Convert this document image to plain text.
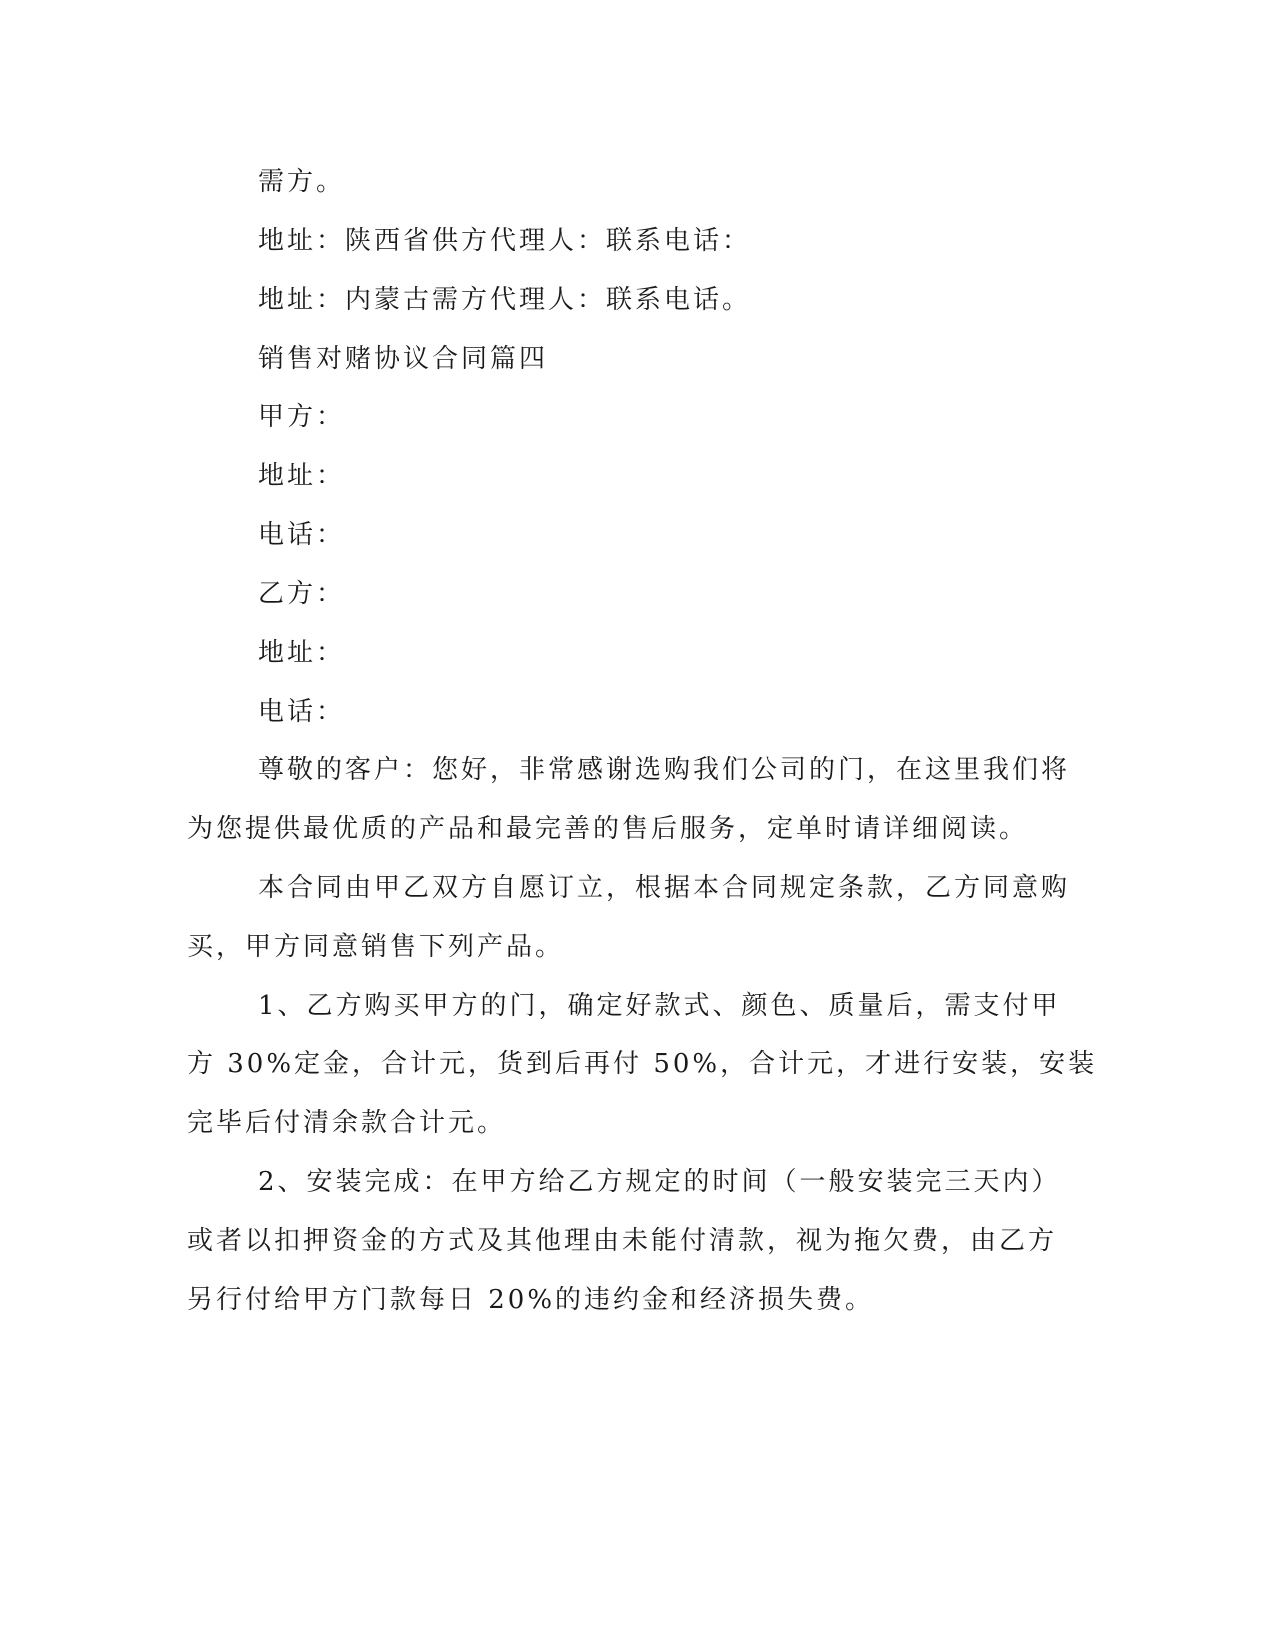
需方。

地址：陕西省供方代理人：联系电话：

地址：内蒙古需方代理人：联系电话。

销售对赌协议合同篇四

甲方：

地址：

电话：

乙方：

地址：

电话：

尊敬的客户：您好，非常感谢选购我们公司的门，在这里我们将

为您提供最优质的产品和最完善的售后服务，定单时请详细阅读。

本合同由甲乙双方自愿订立，根据本合同规定条款，乙方同意购

买，甲方同意销售下列产品。

1、乙方购买甲方的门，确定好款式、颜色、质量后，需支付甲

方 30%定金，合计元，货到后再付 50%，合计元，才进行安装，安装

完毕后付清余款合计元。

2、安装完成：在甲方给乙方规定的时间（一般安装完三天内）

或者以扣押资金的方式及其他理由未能付清款，视为拖欠费，由乙方

另行付给甲方门款每日 20%的违约金和经济损失费。
